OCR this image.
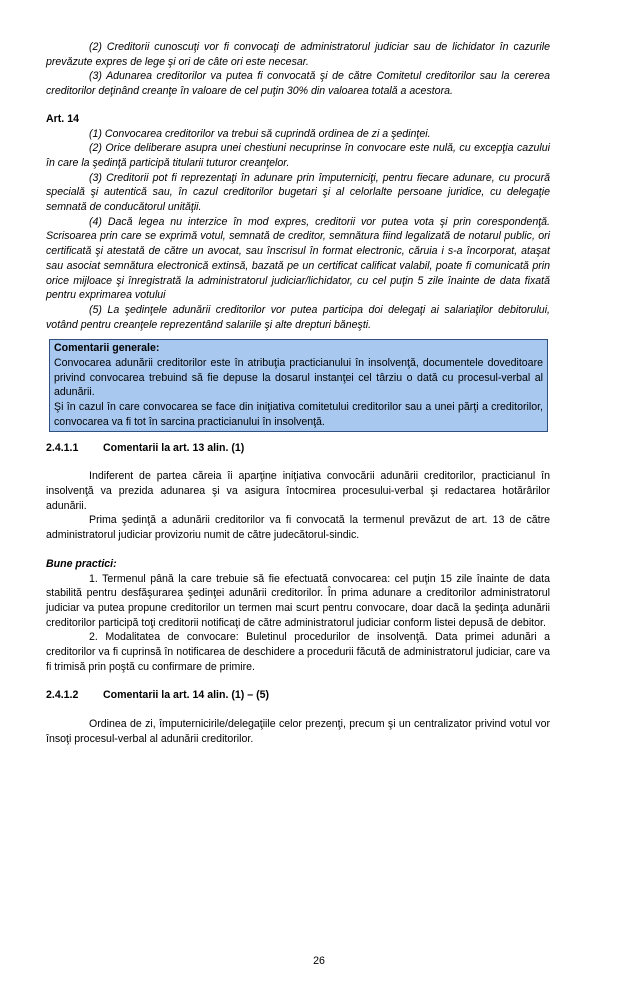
(2) Creditorii cunoscuţi vor fi convocaţi de administratorul judiciar sau de lichidator în cazurile prevăzute expres de lege şi ori de câte ori este necesar.

(3) Adunarea creditorilor va putea fi convocată şi de către Comitetul creditorilor sau la cererea creditorilor deţinând creanţe în valoare de cel puţin 30% din valoarea totală a acestora.

Art. 14

(1) Convocarea creditorilor va trebui să cuprindă ordinea de zi a şedinţei.

(2) Orice deliberare asupra unei chestiuni necuprinse în convocare este nulă, cu excepţia cazului în care la şedinţă participă titularii tuturor creanţelor.

(3) Creditorii pot fi reprezentaţi în adunare prin împuterniciţi, pentru fiecare adunare, cu procură specială şi autentică sau, în cazul creditorilor bugetari şi al celorlalte persoane juridice, cu delegaţie semnată de conducătorul unităţii.

(4) Dacă legea nu interzice în mod expres, creditorii vor putea vota şi prin corespondenţă. Scrisoarea prin care se exprimă votul, semnată de creditor, semnătura fiind legalizată de notarul public, ori certificată şi atestată de către un avocat, sau înscrisul în format electronic, căruia i s-a încorporat, ataşat sau asociat semnătura electronică extinsă, bazată pe un certificat calificat valabil, poate fi comunicată prin orice mijloace şi înregistrată la administratorul judiciar/lichidator, cu cel puţin 5 zile înainte de data fixată pentru exprimarea votului

(5) La şedinţele adunării creditorilor vor putea participa doi delegaţi ai salariaţilor debitorului, votând pentru creanţele reprezentând salariile şi alte drepturi băneşti.

Comentarii generale:

Convocarea adunării creditorilor este în atribuţia practicianului în insolvenţă, documentele doveditoare privind convocarea trebuind să fie depuse la dosarul instanţei cel târziu o dată cu procesul-verbal al adunării.

Şi în cazul în care convocarea se face din iniţiativa comitetului creditorilor sau a unei părţi a creditorilor, convocarea va fi tot în sarcina practicianului în insolvenţă.

2.4.1.1	Comentarii la art. 13 alin. (1)

Indiferent de partea căreia îi aparţine iniţiativa convocării adunării creditorilor, practicianul în insolvenţă va prezida adunarea şi va asigura întocmirea procesului-verbal şi redactarea hotărârilor adunării.

Prima şedinţă a adunării creditorilor va fi convocată la termenul prevăzut de art. 13 de către administratorul judiciar provizoriu numit de către judecătorul-sindic.

Bune practici:

1. Termenul până la care trebuie să fie efectuată convocarea: cel puţin 15 zile înainte de data stabilită pentru desfăşurarea şedinţei adunării creditorilor. În prima adunare a creditorilor administratorul judiciar va putea propune creditorilor un termen mai scurt pentru convocare, doar dacă la şedinţa adunării creditorilor participă toţi creditorii notificaţi de către administratorul judiciar conform listei depusă de debitor.

2. Modalitatea de convocare: Buletinul procedurilor de insolvenţă. Data primei adunări a creditorilor va fi cuprinsă în notificarea de deschidere a procedurii făcută de administratorul judiciar, care va fi trimisă prin poştă cu confirmare de primire.

2.4.1.2	Comentarii la art. 14 alin. (1) – (5)

Ordinea de zi, împuternicirile/delegaţiile celor prezenţi, precum şi un centralizator privind votul vor însoţi procesul-verbal al adunării creditorilor.

26
